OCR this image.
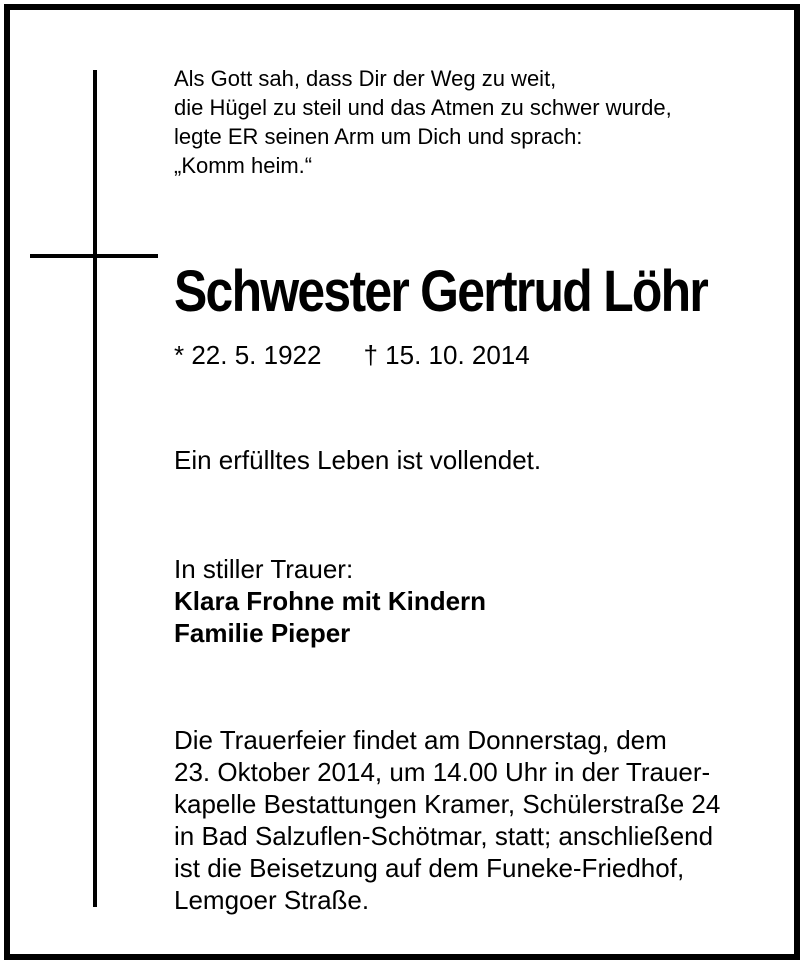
Als Gott sah, dass Dir der Weg zu weit,
die Hügel zu steil und das Atmen zu schwer wurde,
legte ER seinen Arm um Dich und sprach:
„Komm heim.“

Schwester Gertrud Löhr

* 22. 5. 1922 † 15. 10. 2014

Ein erfülltes Leben ist vollendet.

In stiller Trauer:

Klara Frohne mit Kindern

Familie Pieper

Die Trauerfeier findet am Donnerstag, dem
23. Oktober 2014, um 14.00 Uhr in der Trauer-
kapelle Bestattungen Kramer, Schülerstraße 24
in Bad Salzuflen-Schötmar, statt; anschließend
ist die Beisetzung auf dem Funeke-Friedhof,
Lemgoer Straße.
